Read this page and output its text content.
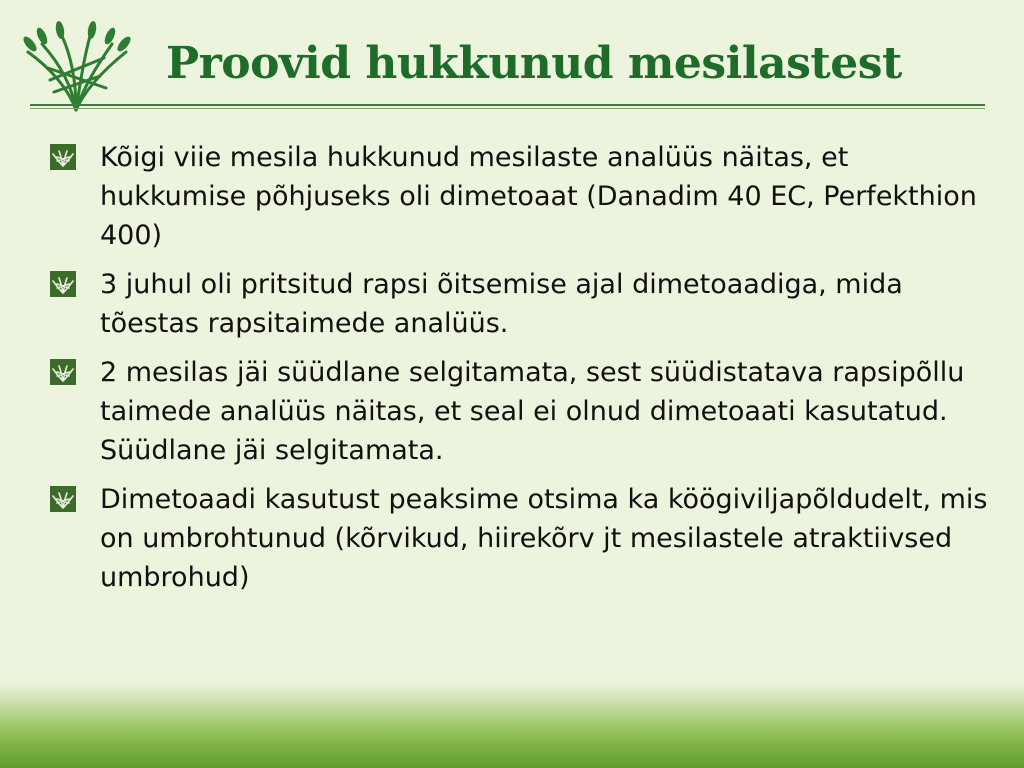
Proovid hukkunud mesilastest
Kõigi viie mesila hukkunud mesilaste analüüs näitas, et hukkumise põhjuseks oli dimetoaat (Danadim 40 EC, Perfekthion 400)
3 juhul oli pritsitud rapsi õitsemise ajal dimetoaadiga, mida tõestas rapsitaimede analüüs.
2 mesilas jäi süüdlane selgitamata, sest süüdistatava rapsipõllu taimede analüüs näitas, et seal ei olnud dimetoaati kasutatud. Süüdlane jäi selgitamata.
Dimetoaadi kasutust peaksime otsima ka köögiviljapõldudelt, mis on umbrohtunud (kõrvikud, hiirekõrv jt mesilastele atraktiivsed umbrohud)
